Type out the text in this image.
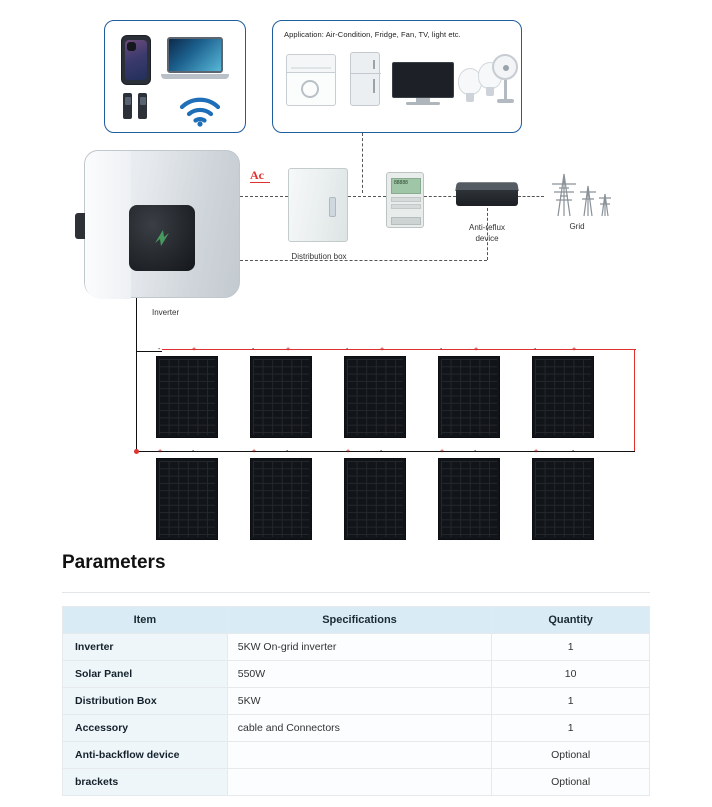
Application: Air-Condition, Fridge, Fan, TV, light etc.
Inverter
Ac
Distribution box
88888
Anti-reflux
device
Grid
-	+	-	+	-	+	-	+	-	+
+	-	+	-	+	-	+	-	+	-
Parameters
Item	Specifications	Quantity
Inverter	5KW On-grid inverter	1
Solar Panel	550W	10
Distribution Box	5KW	1
Accessory	cable and Connectors	1
Anti-backflow device		Optional
brackets		Optional
